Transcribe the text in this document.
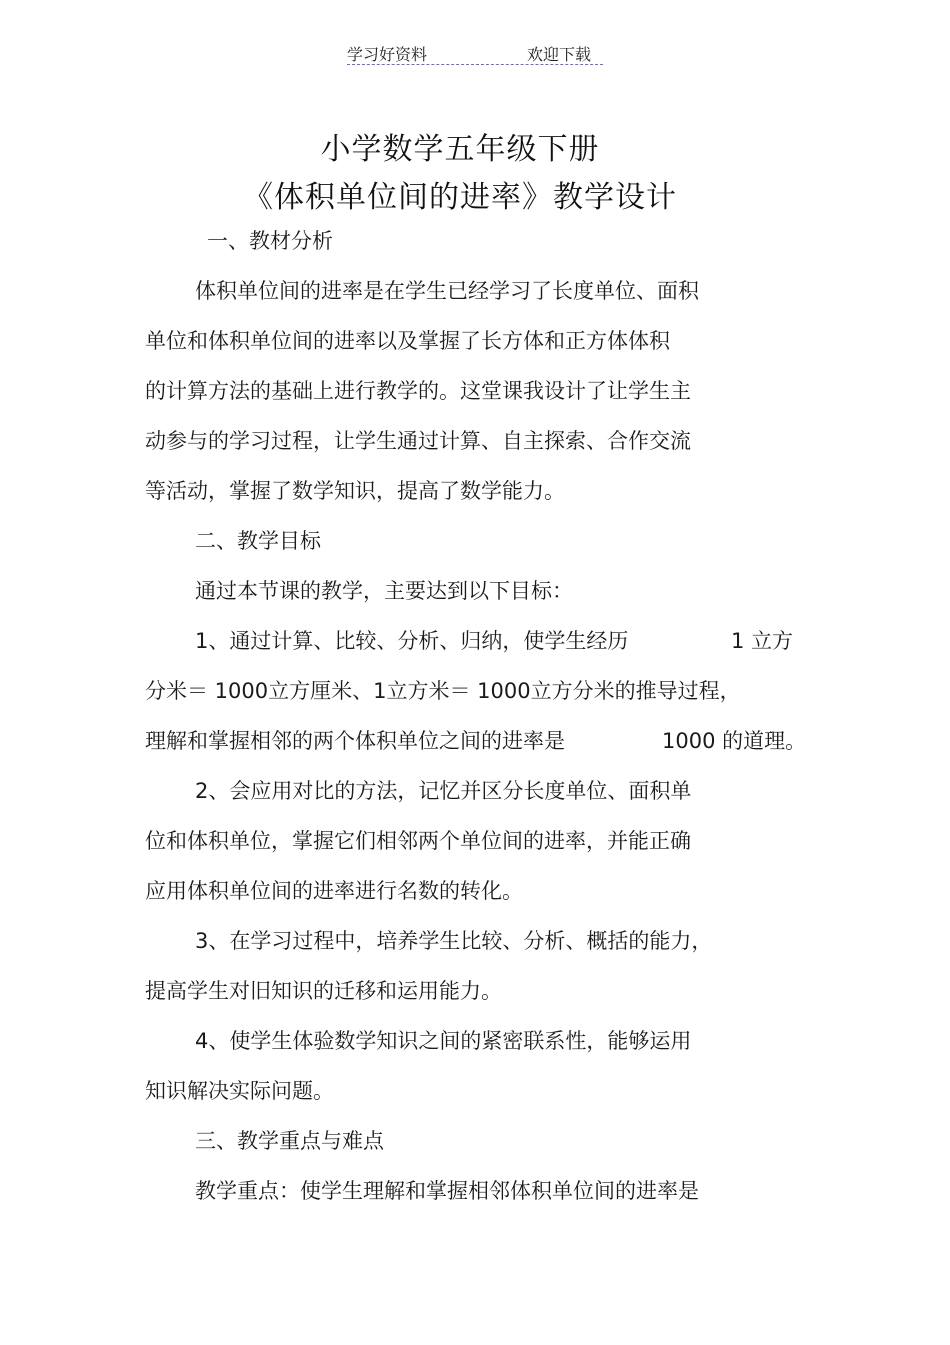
学习好资料	欢迎下载
小学数学五年级下册
《体积单位间的进率》教学设计
一、教材分析
体积单位间的进率是在学生已经学习了长度单位、面积
单位和体积单位间的进率以及掌握了长方体和正方体体积
的计算方法的基础上进行教学的。这堂课我设计了让学生主
动参与的学习过程，让学生通过计算、自主探索、合作交流
等活动，掌握了数学知识，提高了数学能力。
二、教学目标
通过本节课的教学，主要达到以下目标：
1、通过计算、比较、分析、归纳，使学生经历	1 立方
分米＝ 1000立方厘米、1立方米＝ 1000立方分米的推导过程，
理解和掌握相邻的两个体积单位之间的进率是	1000 的道理。
2、会应用对比的方法，记忆并区分长度单位、面积单
位和体积单位，掌握它们相邻两个单位间的进率，并能正确
应用体积单位间的进率进行名数的转化。
3、在学习过程中，培养学生比较、分析、概括的能力，
提高学生对旧知识的迁移和运用能力。
4、使学生体验数学知识之间的紧密联系性，能够运用
知识解决实际问题。
三、教学重点与难点
教学重点：使学生理解和掌握相邻体积单位间的进率是
